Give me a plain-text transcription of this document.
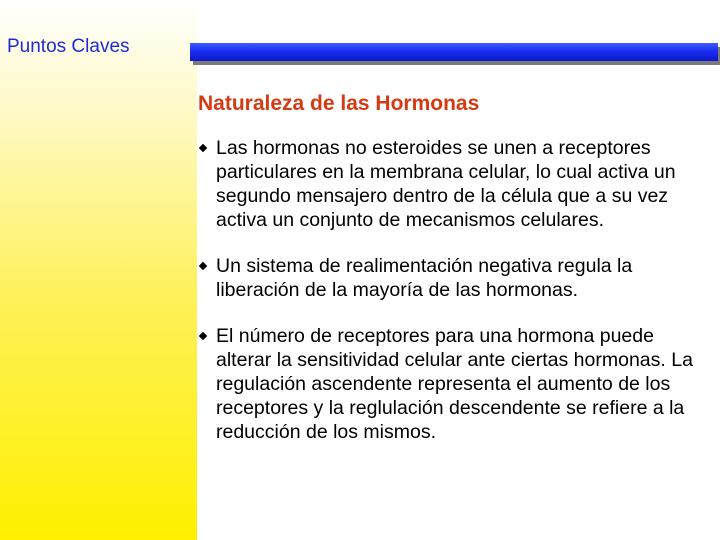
Puntos Claves
Naturaleza de las Hormonas
Las hormonas no esteroides se unen a receptores particulares en la membrana celular, lo cual activa un segundo mensajero dentro de la célula que a su vez activa un conjunto de mecanismos celulares.
Un sistema de realimentación negativa regula la liberación de la mayoría de las hormonas.
El número de receptores para una hormona puede alterar la sensitividad celular ante ciertas hormonas. La regulación ascendente representa el aumento de los receptores y la reglulación descendente se refiere a la reducción de los mismos.
